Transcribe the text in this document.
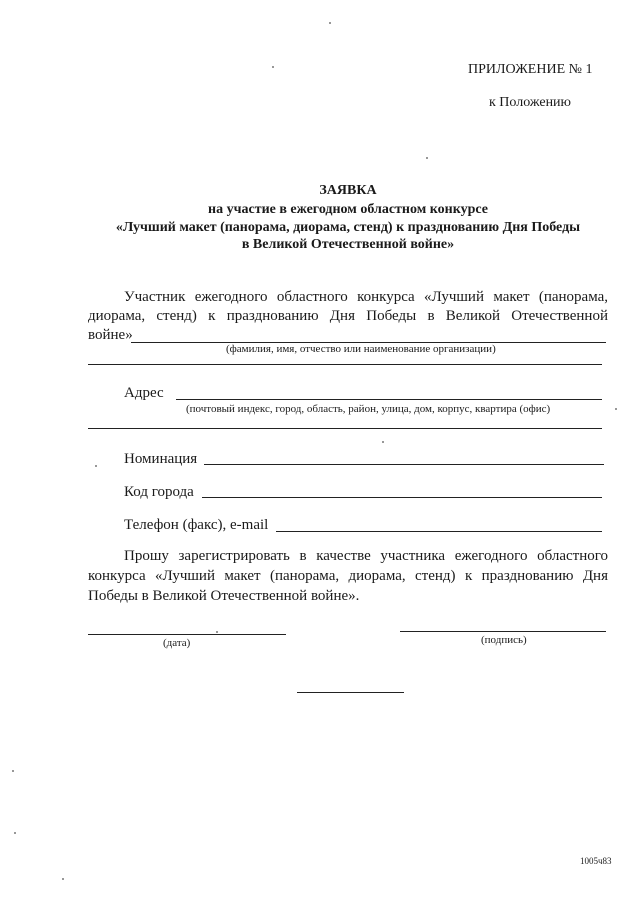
ПРИЛОЖЕНИЕ № 1
к Положению
ЗАЯВКА
на участие в ежегодном областном конкурсе
«Лучший макет (панорама, диорама, стенд) к празднованию Дня Победы
в Великой Отечественной войне»
Участник ежегодного областного конкурса «Лучший макет (панорама,
диорама, стенд) к празднованию Дня Победы в Великой Отечественной
войне»
(фамилия, имя, отчество или наименование организации)
Адрес
(почтовый индекс, город, область, район, улица, дом, корпус, квартира (офис)
Номинация
Код города
Телефон (факс), e-mail
Прошу зарегистрировать в качестве участника ежегодного областного
конкурса «Лучший макет (панорама, диорама, стенд) к празднованию Дня
Победы в Великой Отечественной войне».
(дата)	(подпись)
1005ч83
